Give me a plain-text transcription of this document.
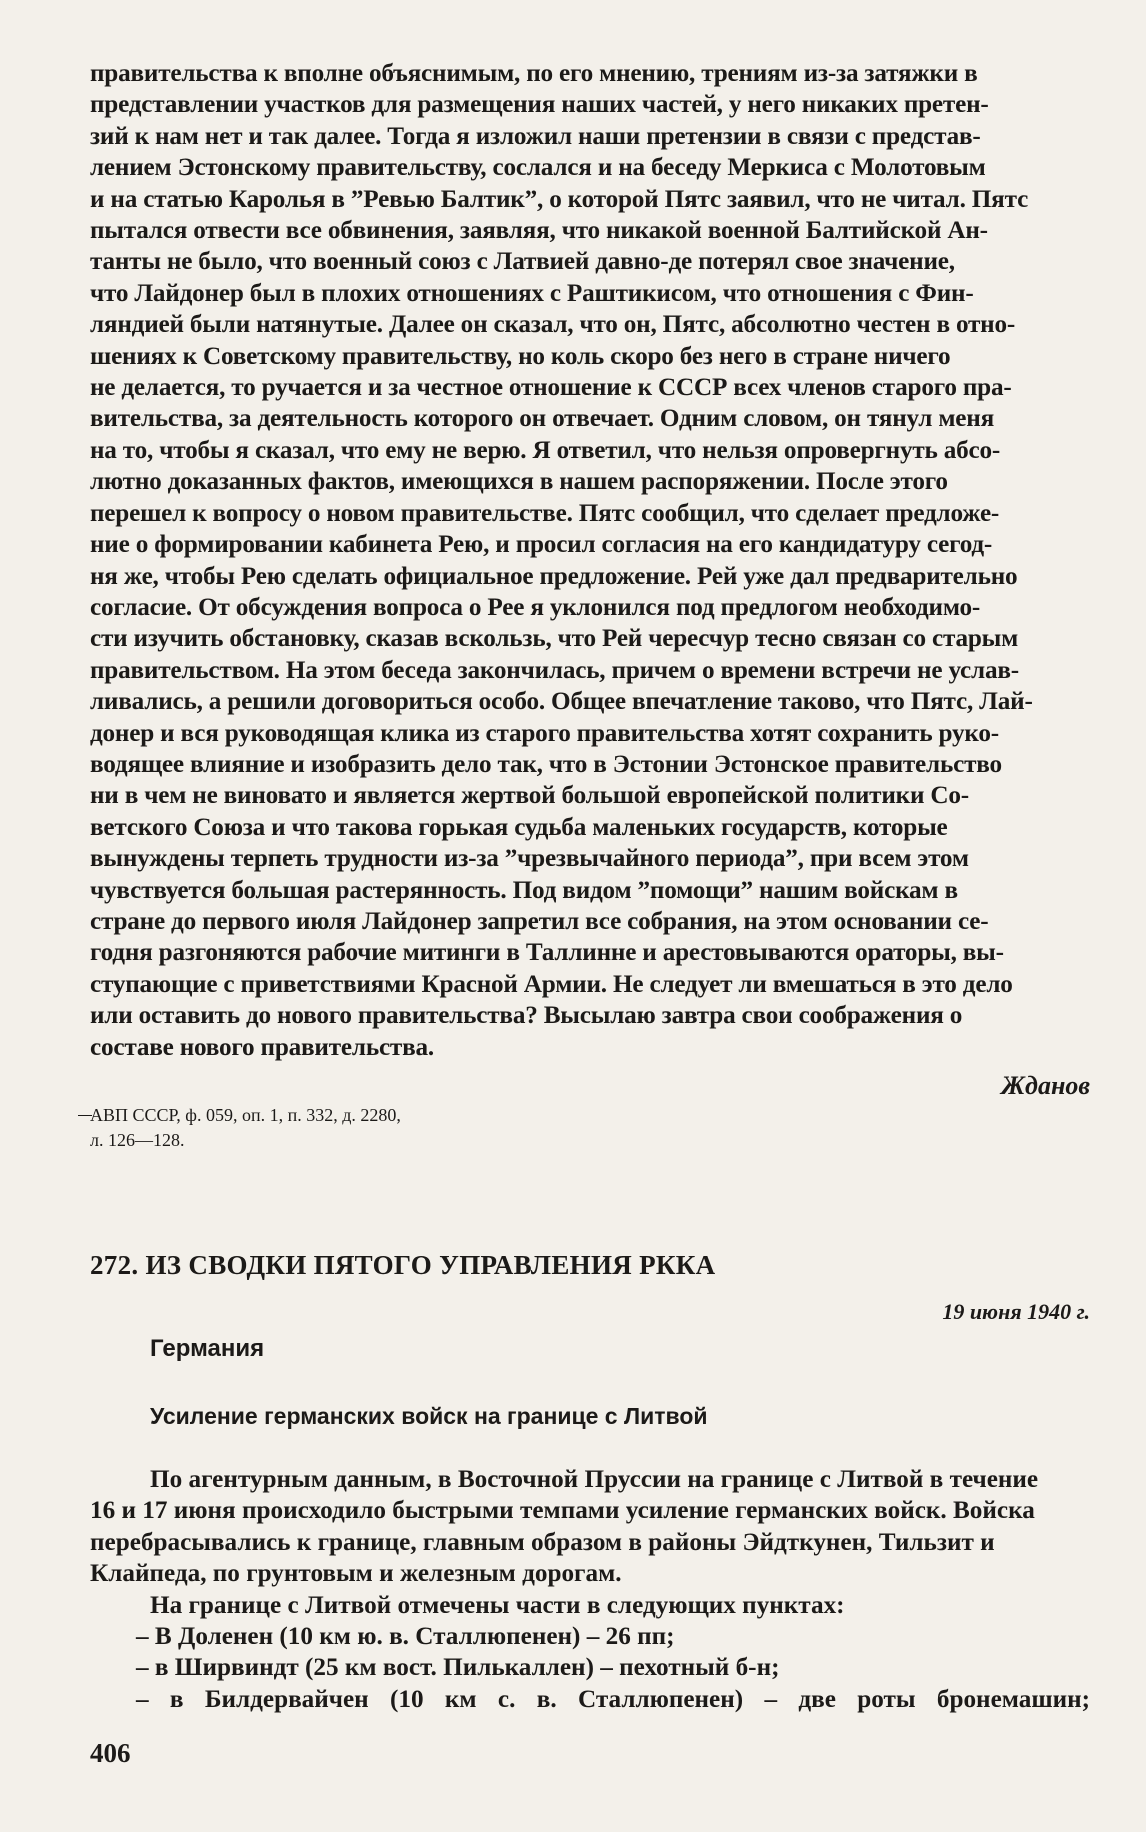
правительства к вполне объяснимым, по его мнению, трениям из-за затяжки в

представлении участков для размещения наших частей, у него никаких претен-

зий к нам нет и так далее. Тогда я изложил наши претензии в связи с представ-

лением Эстонскому правительству, сослался и на беседу Меркиса с Молотовым

и на статью Каролья в ”Ревью Балтик”, о которой Пятс заявил, что не читал. Пятс

пытался отвести все обвинения, заявляя, что никакой военной Балтийской Ан-

танты не было, что военный союз с Латвией давно-де потерял свое значение,

что Лайдонер был в плохих отношениях с Раштикисом, что отношения с Фин-

ляндией были натянутые. Далее он сказал, что он, Пятс, абсолютно честен в отно-

шениях к Советскому правительству, но коль скоро без него в стране ничего

не делается, то ручается и за честное отношение к СССР всех членов старого пра-

вительства, за деятельность которого он отвечает. Одним словом, он тянул меня

на то, чтобы я сказал, что ему не верю. Я ответил, что нельзя опровергнуть абсо-

лютно доказанных фактов, имеющихся в нашем распоряжении. После этого

перешел к вопросу о новом правительстве. Пятс сообщил, что сделает предложе-

ние о формировании кабинета Рею, и просил согласия на его кандидатуру сегод-

ня же, чтобы Рею сделать официальное предложение. Рей уже дал предварительно

согласие. От обсуждения вопроса о Рее я уклонился под предлогом необходимо-

сти изучить обстановку, сказав вскользь, что Рей чересчур тесно связан со старым

правительством. На этом беседа закончилась, причем о времени встречи не услав-

ливались, а решили договориться особо. Общее впечатление таково, что Пятс, Лай-

донер и вся руководящая клика из старого правительства хотят сохранить руко-

водящее влияние и изобразить дело так, что в Эстонии Эстонское правительство

ни в чем не виновато и является жертвой большой европейской политики Со-

ветского Союза и что такова горькая судьба маленьких государств, которые

вынуждены терпеть трудности из-за ”чрезвычайного периода”, при всем этом

чувствуется большая растерянность. Под видом ”помощи” нашим войскам в

стране до первого июля Лайдонер запретил все собрания, на этом основании се-

годня разгоняются рабочие митинги в Таллинне и арестовываются ораторы, вы-

ступающие с приветствиями Красной Армии. Не следует ли вмешаться в это дело

или оставить до нового правительства? Высылаю завтра свои соображения о

составе нового правительства.

Жданов
АВП СССР, ф. 059, оп. 1, п. 332, д. 2280,
л. 126—128.
272. ИЗ СВОДКИ ПЯТОГО УПРАВЛЕНИЯ РККА
19 июня 1940 г.
Германия
Усиление германских войск на границе с Литвой

По агентурным данным, в Восточной Пруссии на границе с Литвой в течение

16 и 17 июня происходило быстрыми темпами усиление германских войск. Войска

перебрасывались к границе, главным образом в районы Эйдткунен, Тильзит и

Клайпеда, по грунтовым и железным дорогам.

На границе с Литвой отмечены части в следующих пунктах:

– В Доленен (10 км ю. в. Сталлюпенен) – 26 пп;
– в Ширвиндт (25 км вост. Пилькаллен) – пехотный б-н;
– в Билдервайчен (10 км с. в. Сталлюпенен) – две роты бронемашин;
406
